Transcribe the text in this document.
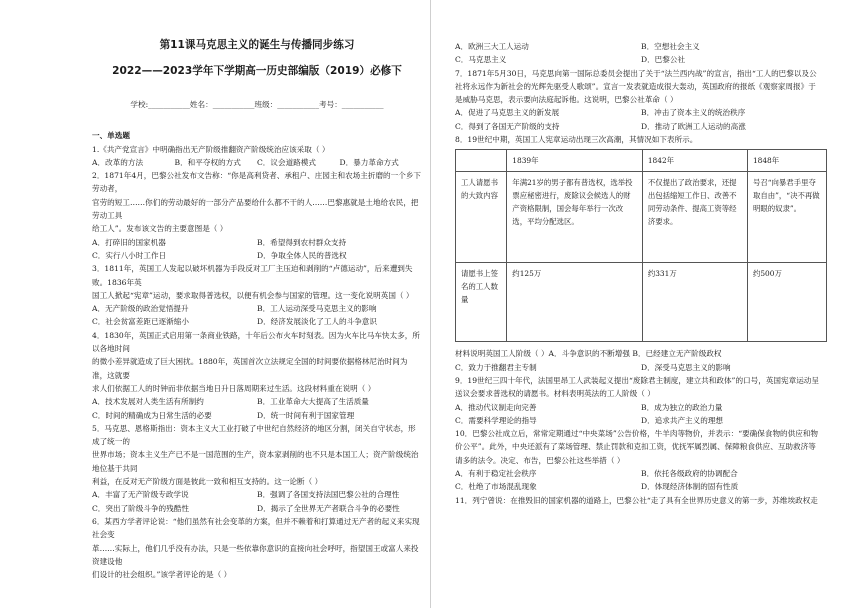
第11课马克思主义的诞生与传播同步练习
2022——2023学年下学期高一历史部编版（2019）必修下
学校:___________姓名：___________班级：___________考号：___________
一、单选题

1.《共产党宣言》中明确指出无产阶级推翻资产阶级统治应该采取（ ）

A．改革的方法	B．和平夺权的方式	C．议会道路模式	D．暴力革命方式

2．1871年4月，巴黎公社发布文告称：“你是高利贷者、承租户、庄园主和农场主折磨的一个乡下劳动者，

官劳的短工……你们的劳动最好的一部分产品要给什么都不干的人……巴黎惠就是土地给农民，把劳动工具

给工人”。发布该文告的主要意图是（ ）

A．打碎旧的国家机器	B．希望得到农村群众支持
C．实行八小时工作日	D．争取全体人民的普选权

3．1811年，英国工人发起以破坏机器为手段反对工厂主压迫和剥削的“卢德运动”，后来遭到失败。1836年英

国工人掀起“宪章”运动，要求取得普选权，以便有机会参与国家的管理。这一变化说明英国（ ）

A．无产阶级的政治觉悟提升	B．工人运动深受马克思主义的影响
C．社会贫富差距已逐渐缩小	D．经济发展淡化了工人的斗争意识

4．1830年，英国正式启用第一条商业铁路，十年后公布火车时刻表。因为火车比马车快太多，所以各地时间

的微小差异就造成了巨大困扰。1880年，英国首次立法规定全国的时间要依据格林尼治时间为准，这就要

求人们依据工人的时钟而非依据当地日升日落周期来过生活。这段材料重在说明（ ）

A．技术发展对人类生活有所制约	B．工业革命大大提高了生活质量
C．时间的精确成为日常生活的必要	D．统一时间有利于国家管理

5．马克思、恩格斯指出：资本主义大工业打破了中世纪自然经济的地区分割，闭关自守状态，形成了统一的

世界市场；资本主义生产已不是一国范围的生产，资本家剥削的也不只是本国工人；资产阶级统治地位基于共同

利益，在反对无产阶级方面是彼此一致和相互支持的。这一论断（ ）

A．丰富了无产阶级专政学说	B．强调了各国支持法国巴黎公社的合理性
C．突出了阶级斗争的残酷性	D．揭示了全世界无产者联合斗争的必要性

6．某西方学者评论说：“他们虽然有社会变革的方案，但并不赖着和打算通过无产者的起义来实现社会变

革……实际上，他们几乎没有办法，只是一些依靠你意识的直接向社会呼吁，指望国王或富人来投资建设他

们设计的社会组织。”该学者评论的是（ ）

A．欧洲三大工人运动	B．空想社会主义
C．马克思主义	D．巴黎公社

7．1871年5月30日，马克思向第一国际总委员会提出了关于“法兰西内战”的宣言，指出“工人的巴黎以及公

社将永远作为新社会的光辉先驱受人歌颂”。宣言一发表就造成很大轰动，英国政府的报纸《观察家周报》于

是威胁马克思，表示要向法庭起诉他。这说明，巴黎公社革命（ ）

A．促进了马克思主义的新发展	B．冲击了资本主义的统治秩序
C．得到了各国无产阶级的支持	D．推动了欧洲工人运动的高涨

8．19世纪中期，英国工人宪章运动出现三次高潮，其情况如下表所示。

	1839年	1842年	1848年
工人请愿书的大致内容	年满21岁的男子都有普选权，选举投票应秘密进行，废除议会候选人的财产资格限制，国会每年举行一次改选，平均分配选区。	不仅提出了政治要求，还提出包括缩短工作日、改善不同劳动条件、提高工资等经济要求。	号召“向暴君手里夺取自由”，“决不再做明眼的奴隶”。
请愿书上签名的工人数量	约125万	约331万	约500万

材料说明英国工人阶级（ ）A．斗争意识的不断增强 B．已经建立无产阶级政权

C．致力于推翻君主专制	D．深受马克思主义的影响

9．19世纪三四十年代，法国里昂工人武装起义提出“废除君主制度，建立共和政体”的口号，英国宪章运动呈

送议会要求普选权的请愿书。材料表明英法的工人阶级（ ）

A．推动代议制走向完善	B．成为独立的政治力量
C．需要科学理论的指导	D．追求共产主义的理想

10．巴黎公社成立后，常常定期通过“中央菜场”公告价格，牛羊肉等物价，并表示：“要确保食物的供应和物

价公平”。此外，中央还派有了菜场管理、禁止罚款和克扣工资，优抚军属烈属、保障粮食供应、互助救济等

请多的法令。决定、布告，巴黎公社这些举措（ ）

A．有利于稳定社会秩序	B．依托各级政府的协调配合
C．杜绝了市场混乱现象	D．体现经济体制的固有性质

11．列宁曾说：在推毁旧的国家机器的道路上，巴黎公社“走了具有全世界历史意义的第一步，苏维埃政权走
